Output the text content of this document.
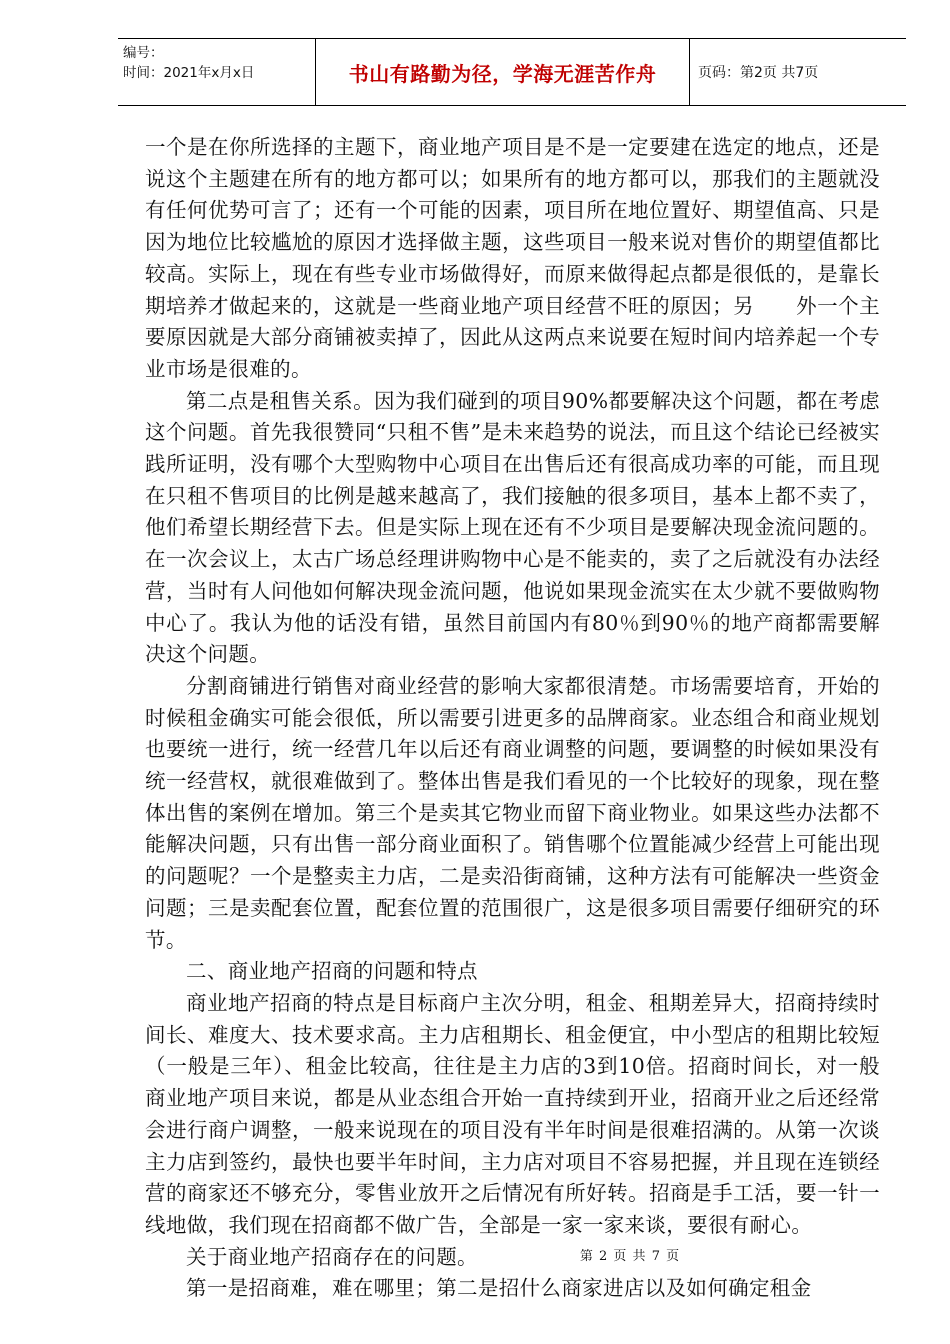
编号：
时间：2021年x月x日	书山有路勤为径，学海无涯苦作舟	页码：第2页 共7页

一个是在你所选择的主题下，商业地产项目是不是一定要建在选定的地点，还是说这个主题建在所有的地方都可以；如果所有的地方都可以，那我们的主题就没有任何优势可言了；还有一个可能的因素，项目所在地位置好、期望值高、只是因为地位比较尴尬的原因才选择做主题，这些项目一般来说对售价的期望值都比较高。实际上，现在有些专业市场做得好，而原来做得起点都是很低的，是靠长期培养才做起来的，这就是一些商业地产项目经营不旺的原因；另　　外一个主要原因就是大部分商铺被卖掉了，因此从这两点来说要在短时间内培养起一个专业市场是很难的。

第二点是租售关系。因为我们碰到的项目90%都要解决这个问题，都在考虑这个问题。首先我很赞同“只租不售”是未来趋势的说法，而且这个结论已经被实践所证明，没有哪个大型购物中心项目在出售后还有很高成功率的可能，而且现在只租不售项目的比例是越来越高了，我们接触的很多项目，基本上都不卖了，他们希望长期经营下去。但是实际上现在还有不少项目是要解决现金流问题的。在一次会议上，太古广场总经理讲购物中心是不能卖的，卖了之后就没有办法经营，当时有人问他如何解决现金流问题，他说如果现金流实在太少就不要做购物中心了。我认为他的话没有错，虽然目前国内有80％到90％的地产商都需要解决这个问题。

分割商铺进行销售对商业经营的影响大家都很清楚。市场需要培育，开始的时候租金确实可能会很低，所以需要引进更多的品牌商家。业态组合和商业规划也要统一进行，统一经营几年以后还有商业调整的问题，要调整的时候如果没有统一经营权，就很难做到了。整体出售是我们看见的一个比较好的现象，现在整体出售的案例在增加。第三个是卖其它物业而留下商业物业。如果这些办法都不能解决问题，只有出售一部分商业面积了。销售哪个位置能减少经营上可能出现的问题呢？一个是整卖主力店，二是卖沿街商铺，这种方法有可能解决一些资金问题；三是卖配套位置，配套位置的范围很广，这是很多项目需要仔细研究的环节。

二、商业地产招商的问题和特点

商业地产招商的特点是目标商户主次分明，租金、租期差异大，招商持续时间长、难度大、技术要求高。主力店租期长、租金便宜，中小型店的租期比较短（一般是三年）、租金比较高，往往是主力店的3到10倍。招商时间长，对一般商业地产项目来说，都是从业态组合开始一直持续到开业，招商开业之后还经常会进行商户调整，一般来说现在的项目没有半年时间是很难招满的。从第一次谈主力店到签约，最快也要半年时间，主力店对项目不容易把握，并且现在连锁经营的商家还不够充分，零售业放开之后情况有所好转。招商是手工活，要一针一线地做，我们现在招商都不做广告，全部是一家一家来谈，要很有耐心。

关于商业地产招商存在的问题。

第一是招商难，难在哪里；第二是招什么商家进店以及如何确定租金

第 2 页 共 7 页
